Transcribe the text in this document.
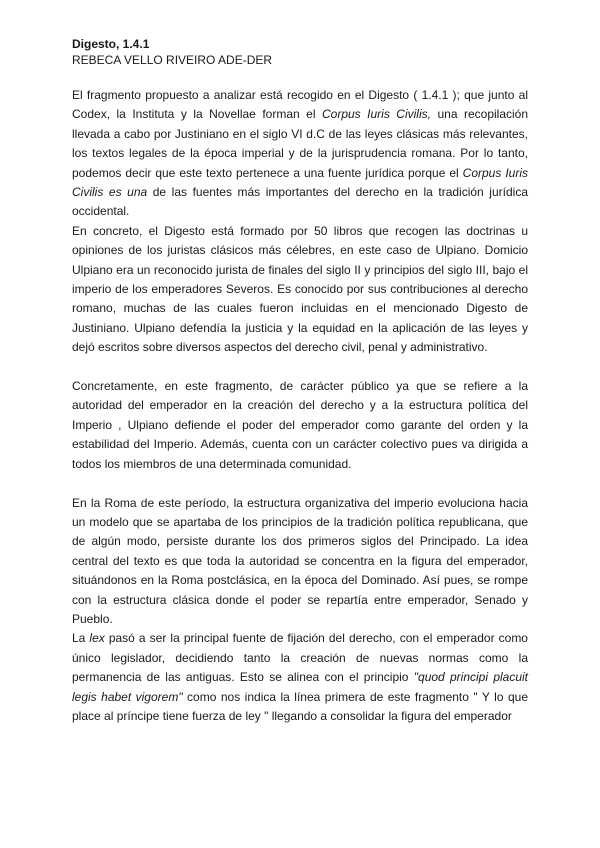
Digesto, 1.4.1

REBECA VELLO RIVEIRO ADE-DER

El fragmento propuesto a analizar está recogido en el Digesto ( 1.4.1 ); que junto al Codex, la Instituta y la Novellae forman el Corpus Iuris Civilis, una recopilación llevada a cabo por Justiniano en el siglo VI d.C de las leyes clásicas más relevantes, los textos legales de la época imperial y de la jurisprudencia romana. Por lo tanto, podemos decir que este texto pertenece a una fuente jurídica porque el Corpus Iuris Civilis es una de las fuentes más importantes del derecho en la tradición jurídica occidental.

En concreto, el Digesto está formado por 50 libros que recogen las doctrinas u opiniones de los juristas clásicos más célebres, en este caso de Ulpiano. Domicio Ulpiano era un reconocido jurista de finales del siglo II y principios del siglo III, bajo el imperio de los emperadores Severos. Es conocido por sus contribuciones al derecho romano, muchas de las cuales fueron incluidas en el mencionado Digesto de Justiniano. Ulpiano defendía la justicia y la equidad en la aplicación de las leyes y dejó escritos sobre diversos aspectos del derecho civil, penal y administrativo.

Concretamente, en este fragmento, de carácter público ya que se refiere a la autoridad del emperador en la creación del derecho y a la estructura política del Imperio , Ulpiano defiende el poder del emperador como garante del orden y la estabilidad del Imperio. Además, cuenta con un carácter colectivo pues va dirigida a todos los miembros de una determinada comunidad.

En la Roma de este período, la estructura organizativa del imperio evoluciona hacia un modelo que se apartaba de los principios de la tradición política republicana, que de algún modo, persiste durante los dos primeros siglos del Principado. La idea central del texto es que toda la autoridad se concentra en la figura del emperador, situándonos en la Roma postclásica, en la época del Dominado. Así pues, se rompe con la estructura clásica donde el poder se repartía entre emperador, Senado y Pueblo.

La lex pasó a ser la principal fuente de fijación del derecho, con el emperador como único legislador, decidiendo tanto la creación de nuevas normas como la permanencia de las antiguas. Esto se alinea con el principio "quod principi placuit legis habet vigorem" como nos indica la línea primera de este fragmento " Y lo que place al príncipe tiene fuerza de ley " llegando a consolidar la figura del emperador
